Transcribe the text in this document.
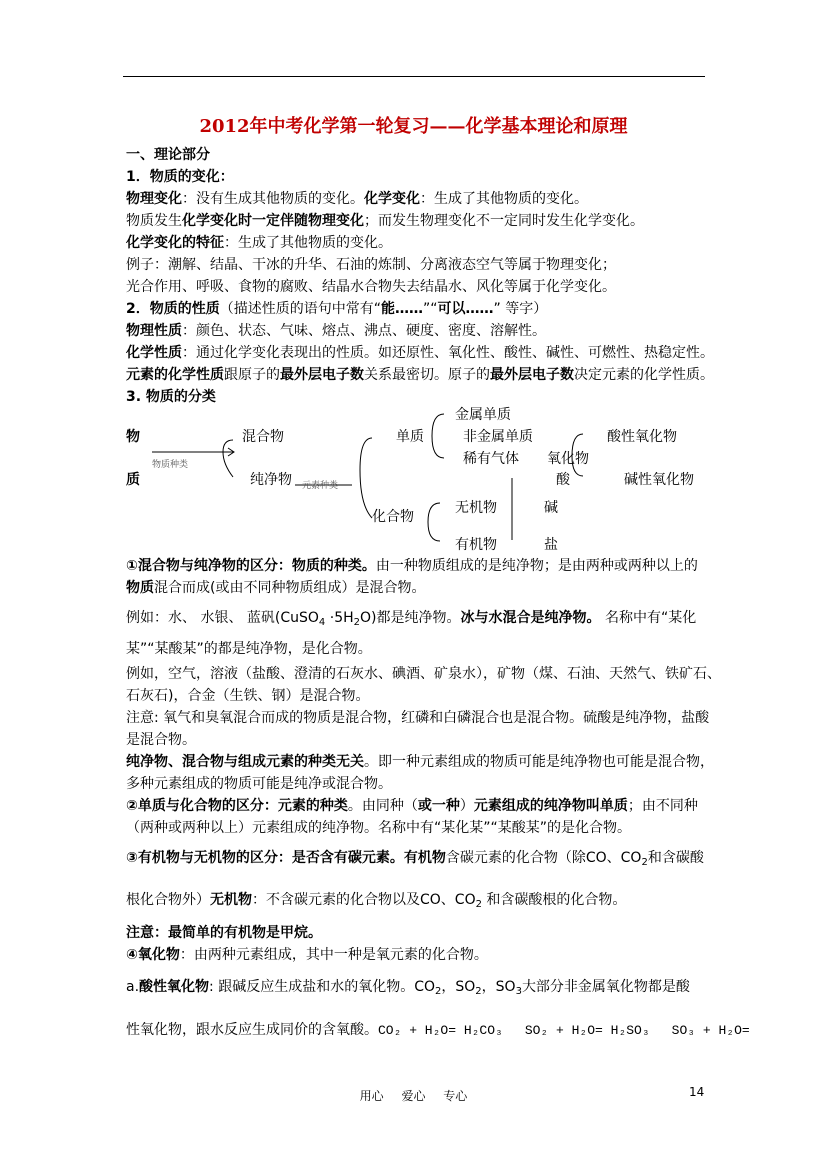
2012年中考化学第一轮复习——化学基本理论和原理
一、理论部分
1．物质的变化：
物理变化：没有生成其他物质的变化。化学变化：生成了其他物质的变化。
物质发生化学变化时一定伴随物理变化；而发生物理变化不一定同时发生化学变化。
化学变化的特征：生成了其他物质的变化。
例子：潮解、结晶、干冰的升华、石油的炼制、分离液态空气等属于物理变化；
光合作用、呼吸、食物的腐败、结晶水合物失去结晶水、风化等属于化学变化。
2．物质的性质（描述性质的语句中常有“能……”“可以……” 等字）
物理性质：颜色、状态、气味、熔点、沸点、硬度、密度、溶解性。
化学性质：通过化学变化表现出的性质。如还原性、氧化性、酸性、碱性、可燃性、热稳定性。
元素的化学性质跟原子的最外层电子数关系最密切。原子的最外层电子数决定元素的化学性质。
3. 物质的分类
物
质
混合物
物质种类
纯净物 元素种类
单质
金属单质
非金属单质
稀有气体
化合物
无机物
有机物
氧化物
酸
碱
盐
酸性氧化物
碱性氧化物
①混合物与纯净物的区分：物质的种类。由一种物质组成的是纯净物；是由两种或两种以上的
物质混合而成(或由不同种物质组成）是混合物。
例如：水、 水银、 蓝矾(CuSO$_4$ $\cdot 5H_2O$)都是纯净物。冰与水混合是纯净物。 名称中有“某化
某”“某酸某”的都是纯净物，是化合物。
例如，空气，溶液（盐酸、澄清的石灰水、碘酒、矿泉水），矿物（煤、石油、天然气、铁矿石、
石灰石)，合金（生铁、钢）是混合物。
注意: 氧气和臭氧混合而成的物质是混合物，红磷和白磷混合也是混合物。硫酸是纯净物，盐酸
是混合物。
纯净物、混合物与组成元素的种类无关。即一种元素组成的物质可能是纯净物也可能是混合物，
多种元素组成的物质可能是纯净或混合物。
②单质与化合物的区分：元素的种类。由同种（或一种）元素组成的纯净物叫单质；由不同种
（两种或两种以上）元素组成的纯净物。名称中有“某化某”“某酸某”的是化合物。
③有机物与无机物的区分：是否含有碳元素。有机物含碳元素的化合物（除CO、$CO_2$和含碳酸
根化合物外）无机物：不含碳元素的化合物以及CO、$CO_2$ 和含碳酸根的化合物。
注意：最简单的有机物是甲烷。
④氧化物：由两种元素组成，其中一种是氧元素的化合物。
a.酸性氧化物: 跟碱反应生成盐和水的氧化物。$CO_2$，$SO_2$，$SO_3$大部分非金属氧化物都是酸
性氧化物，跟水反应生成同价的含氧酸。CO₂ + H₂O= H₂CO₃ SO₂ + H₂O= H₂SO₃ SO₃ + H₂O=
用心 爱心 专心	14
